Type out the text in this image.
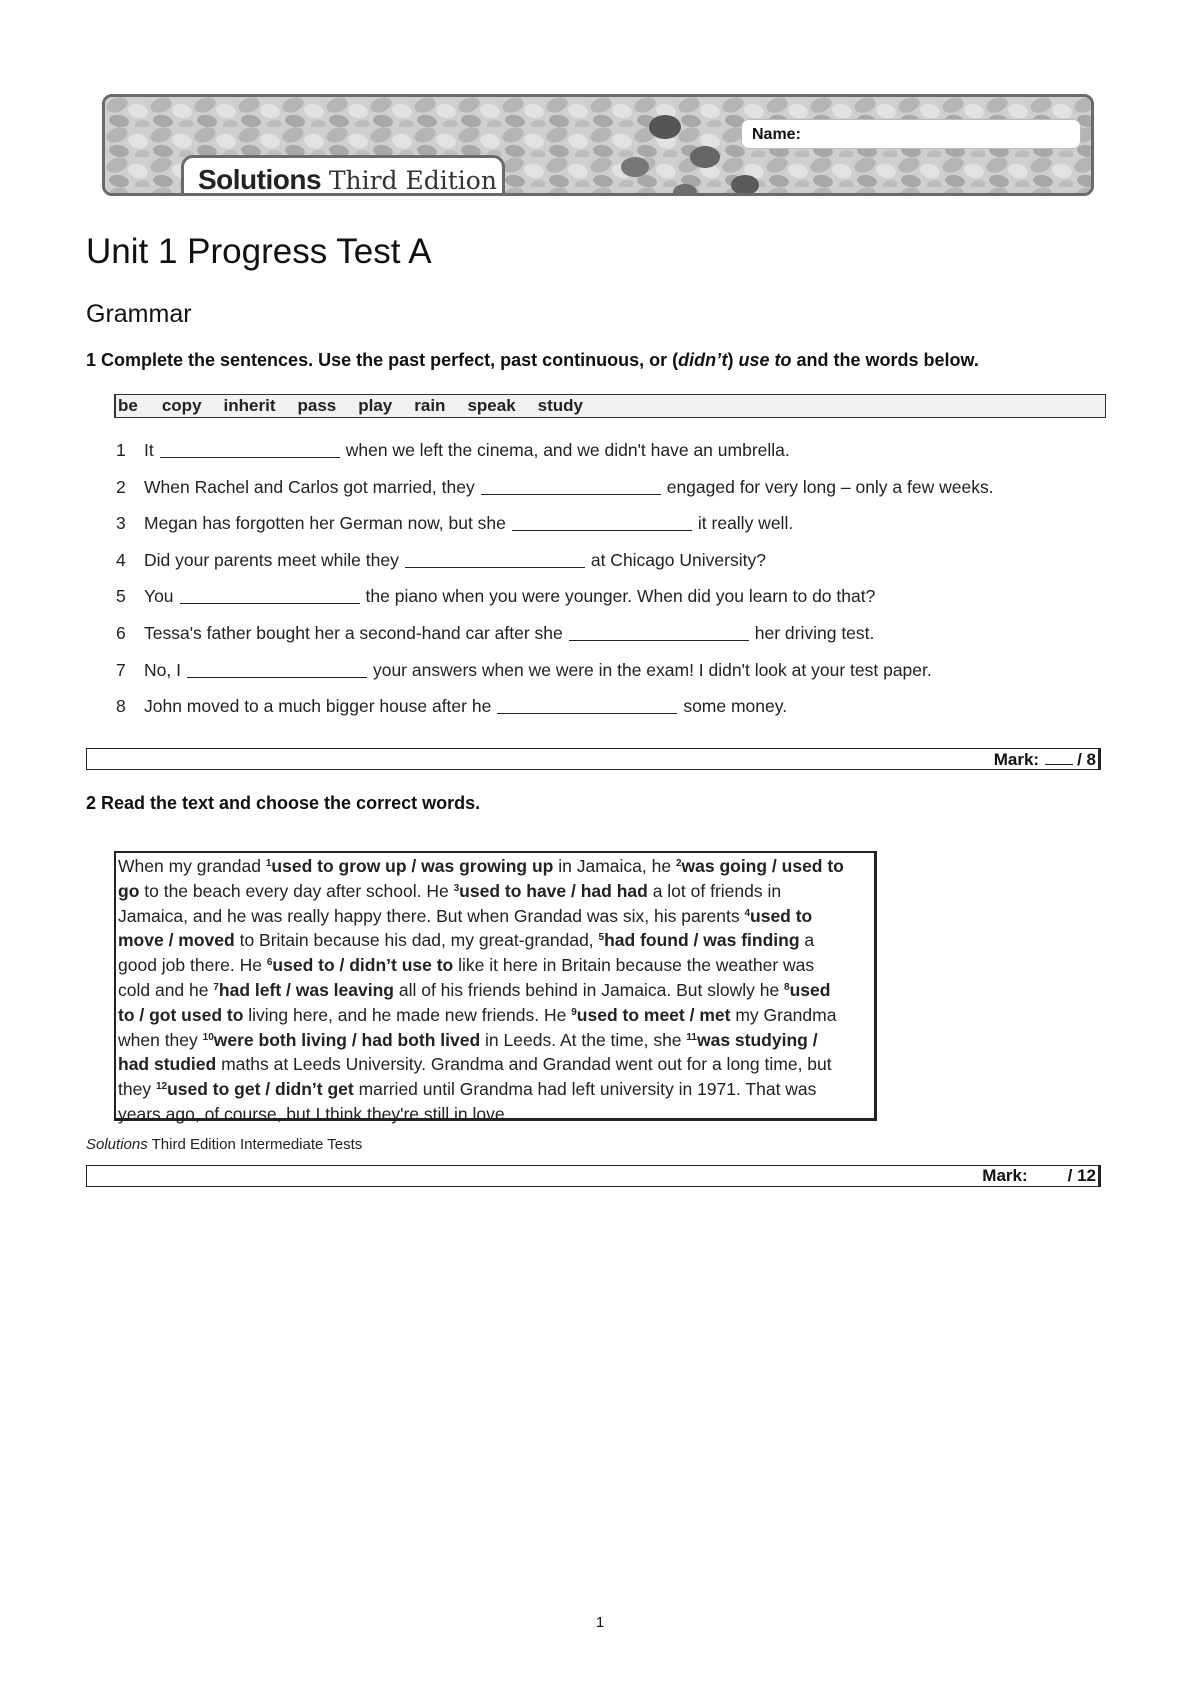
Name:
Solutions Third Edition
Unit 1 Progress Test A
Grammar

1 Complete the sentences. Use the past perfect, past continuous, or (didn’t) use to and the words below.

be copy inherit pass play rain speak study
1	It	when we left the cinema, and we didn't have an umbrella.
2	When Rachel and Carlos got married, they	engaged for very long – only a few weeks.
3	Megan has forgotten her German now, but she	it really well.
4	Did your parents meet while they	at Chicago University?
5	You	the piano when you were younger. When did you learn to do that?
6	Tessa's father bought her a second-hand car after she	her driving test.
7	No, I	your answers when we were in the exam! I didn't look at your test paper.
8	John moved to a much bigger house after he	some money.
Mark: / 8

2 Read the text and choose the correct words.

When my grandad $^1$used to grow up / was growing up in Jamaica, he $^2$was going / used to

go to the beach every day after school. He $^3$used to have / had had a lot of friends in

Jamaica, and he was really happy there. But when Grandad was six, his parents $^4$used to

move / moved to Britain because his dad, my great-grandad, $^5$had found / was finding a

good job there. He $^6$used to / didn’t use to like it here in Britain because the weather was

cold and he $^7$had left / was leaving all of his friends behind in Jamaica. But slowly he $^8$used

to / got used to living here, and he made new friends. He $^9$used to meet / met my Grandma

when they $^{10}$were both living / had both lived in Leeds. At the time, she $^{11}$was studying /

had studied maths at Leeds University. Grandma and Grandad went out for a long time, but

they $^{12}$used to get / didn’t get married until Grandma had left university in 1971. That was

years ago, of course, but I think they're still in love.

Solutions Third Edition Intermediate Tests
Mark: / 12
1
